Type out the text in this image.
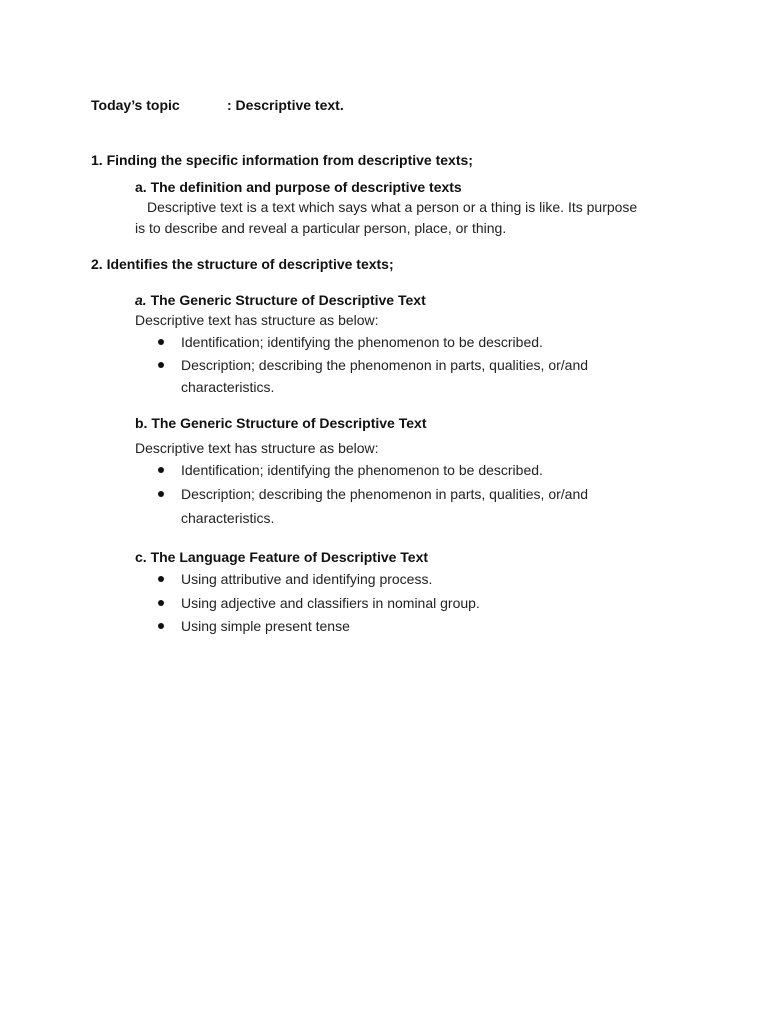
Today’s topic	: Descriptive text.
1. Finding the specific information from descriptive texts;
a. The definition and purpose of descriptive texts
Descriptive text is a text which says what a person or a thing is like. Its purpose
is to describe and reveal a particular person, place, or thing.
2. Identifies the structure of descriptive texts;
a. The Generic Structure of Descriptive Text
Descriptive text has structure as below:
Identification; identifying the phenomenon to be described.
Description; describing the phenomenon in parts, qualities, or/and
characteristics.
b. The Generic Structure of Descriptive Text
Descriptive text has structure as below:
Identification; identifying the phenomenon to be described.
Description; describing the phenomenon in parts, qualities, or/and
characteristics.
c. The Language Feature of Descriptive Text
Using attributive and identifying process.
Using adjective and classifiers in nominal group.
Using simple present tense
